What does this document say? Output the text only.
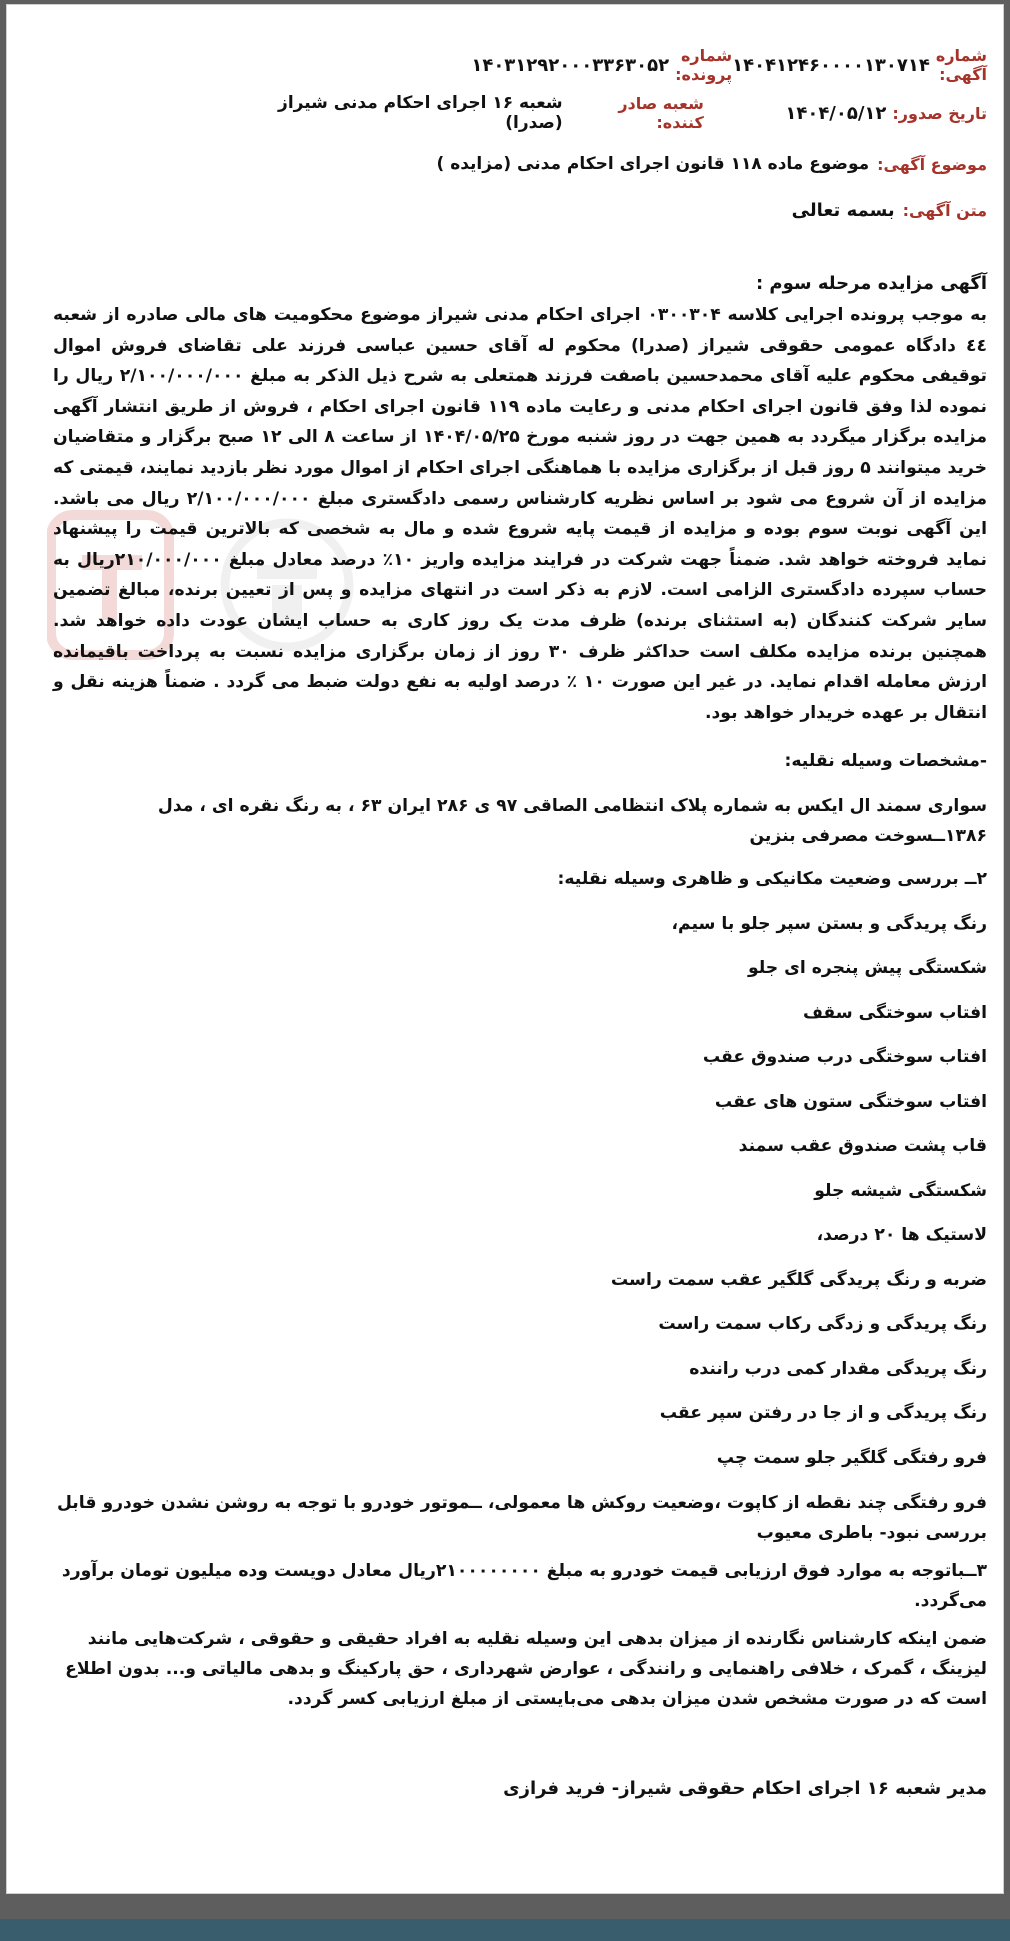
شماره آگهی:
۱۴۰۴۱۲۴۶۰۰۰۰۱۳۰۷۱۴
شماره پرونده:
۱۴۰۳۱۲۹۲۰۰۰۳۳۶۳۰۵۲
تاریخ صدور:
۱۴۰۴/۰۵/۱۲
شعبه صادر کننده:
شعبه ۱۶ اجرای احکام مدنی شیراز (صدرا)
موضوع آگهی:
موضوع ماده ۱۱۸ قانون اجرای احکام مدنی (مزایده )
متن آگهی:
بسمه تعالی
آگهی مزایده مرحله سوم :

به موجب پرونده اجرایی کلاسه ۰۳۰۰۳۰۴ اجرای احکام مدنی شیراز موضوع محکومیت های مالی صادره از شعبه ٤٤ دادگاه عمومی حقوقی شیراز (صدرا) محکوم له آقای حسین عباسی فرزند علی تقاضای فروش اموال توقیفی محکوم علیه آقای محمدحسین باصفت فرزند همتعلی به شرح ذیل الذکر به مبلغ ۲/۱۰۰/۰۰۰/۰۰۰ ریال را نموده لذا وفق قانون اجرای احکام مدنی و رعایت ماده ۱۱۹ قانون اجرای احکام ، فروش از طریق انتشار آگهی مزایده برگزار میگردد به همین جهت در روز شنبه مورخ ۱۴۰۴/۰۵/۲۵ از ساعت ۸ الی ۱۲ صبح برگزار و متقاضیان خرید میتوانند ۵ روز قبل از برگزاری مزایده با هماهنگی اجرای احکام از اموال مورد نظر بازدید نمایند، قیمتی که مزایده از آن شروع می شود بر اساس نظریه کارشناس رسمی دادگستری مبلغ ۲/۱۰۰/۰۰۰/۰۰۰ ریال می باشد. این آگهی نوبت سوم بوده و مزایده از قیمت پایه شروع شده و مال به شخصی که بالاترین قیمت را پیشنهاد نماید فروخته خواهد شد. ضمناً جهت شرکت در فرایند مزایده واریز ۱۰٪ درصد معادل مبلغ ۲۱۰/۰۰۰/۰۰۰ریال به حساب سپرده دادگستری الزامی است. لازم به ذکر است در انتهای مزایده و پس از تعیین برنده، مبالغ تضمین سایر شرکت کنندگان (به استثنای برنده) ظرف مدت یک روز کاری به حساب ایشان عودت داده خواهد شد. همچنین برنده مزایده مکلف است حداکثر ظرف ۳۰ روز از زمان برگزاری مزایده نسبت به پرداخت باقیمانده ارزش معامله اقدام نماید. در غیر این صورت ۱۰ ٪ درصد اولیه به نفع دولت ضبط می گردد . ضمناً هزینه نقل و انتقال بر عهده خریدار خواهد بود.

-مشخصات وسیله نقلیه:
سواری سمند ال ایکس به شماره پلاک انتظامی الصاقی ۹۷ ی ۲۸۶ ایران ۶۳ ، به رنگ نقره ای ، مدل ۱۳۸۶ــسوخت مصرفی بنزین
۲ــ بررسی وضعیت مکانیکی و ظاهری وسیله نقلیه:
رنگ پریدگی و بستن سپر جلو با سیم،
شکستگی پیش پنجره ای جلو
افتاب سوختگی سقف
افتاب سوختگی درب صندوق عقب
افتاب سوختگی ستون های عقب
قاب پشت صندوق عقب سمند
شکستگی شیشه جلو
لاستیک ها ۲۰ درصد،
ضربه و رنگ پریدگی گلگیر عقب سمت راست
رنگ پریدگی و زدگی رکاب سمت راست
رنگ پریدگی مقدار کمی درب راننده
رنگ پریدگی و از جا در رفتن سپر عقب
فرو رفتگی گلگیر جلو سمت چپ
فرو رفتگی چند نقطه از کاپوت ،وضعیت روکش ها معمولی، ــموتور خودرو با توجه به روشن نشدن خودرو قابل بررسی نبود- باطری معیوب
۳ــباتوجه به موارد فوق ارزیابی قیمت خودرو به مبلغ ۲۱۰۰۰۰۰۰۰۰ریال معادل دویست وده میلیون تومان برآورد می‌گردد.
ضمن اینکه کارشناس نگارنده از میزان بدهی این وسیله نقلیه به افراد حقیقی و حقوقی ، شرکت‌هایی مانند لیزینگ ، گمرک ، خلافی راهنمایی و رانندگی ، عوارض شهرداری ، حق پارکینگ و بدهی مالیاتی و... بدون اطلاع است که در صورت مشخص شدن میزان بدهی می‌بایستی از مبلغ ارزیابی کسر گردد.
مدیر شعبه ۱۶ اجرای احکام حقوقی شیراز- فرید فرازی
